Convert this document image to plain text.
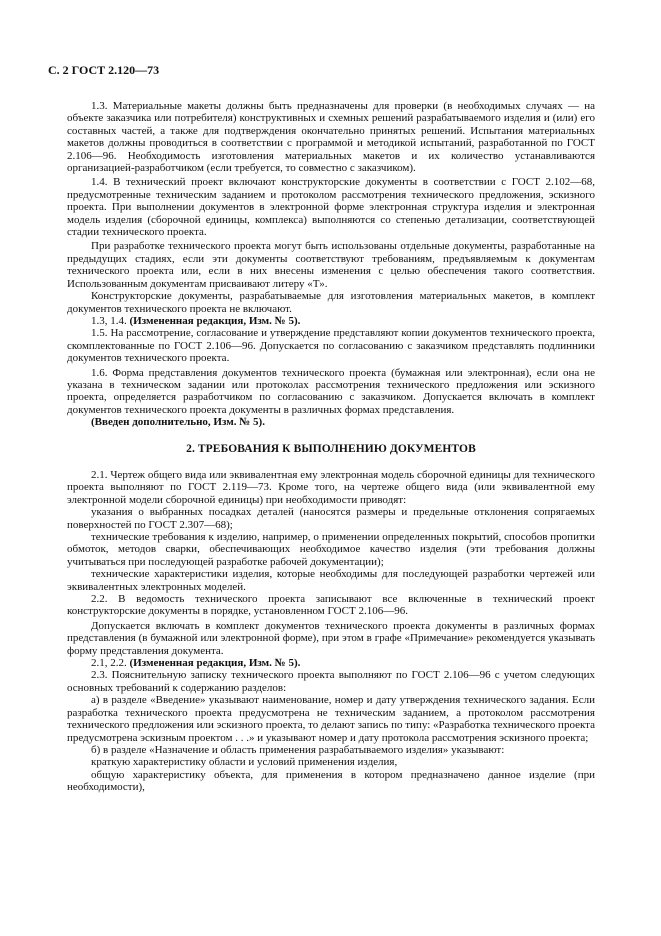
С. 2 ГОСТ 2.120—73

1.3. Материальные макеты должны быть предназначены для проверки (в необходимых случаях — на объекте заказчика или потребителя) конструктивных и схемных решений разрабатываемого изделия и (или) его составных частей, а также для подтверждения окончательно принятых решений. Испытания материальных макетов должны проводиться в соответствии с программой и методикой испытаний, разработанной по ГОСТ 2.106—96. Необходимость изготовления материальных макетов и их количество устанавливаются организацией-разработчиком (если требуется, то совместно с заказчиком).

1.4. В технический проект включают конструкторские документы в соответствии с ГОСТ 2.102—68, предусмотренные техническим заданием и протоколом рассмотрения технического предложения, эскизного проекта. При выполнении документов в электронной форме электронная структура изделия и электронная модель изделия (сборочной единицы, комплекса) выполняются со степенью детализации, соответствующей стадии технического проекта.

При разработке технического проекта могут быть использованы отдельные документы, разработанные на предыдущих стадиях, если эти документы соответствуют требованиям, предъявляемым к документам технического проекта или, если в них внесены изменения с целью обеспечения такого соответствия. Использованным документам присваивают литеру «Т».

Конструкторские документы, разрабатываемые для изготовления материальных макетов, в комплект документов технического проекта не включают.

1.3, 1.4. (Измененная редакция, Изм. № 5).

1.5. На рассмотрение, согласование и утверждение представляют копии документов технического проекта, скомплектованные по ГОСТ 2.106—96. Допускается по согласованию с заказчиком представлять подлинники документов технического проекта.

1.6. Форма представления документов технического проекта (бумажная или электронная), если она не указана в техническом задании или протоколах рассмотрения технического предложения или эскизного проекта, определяется разработчиком по согласованию с заказчиком. Допускается включать в комплект документов технического проекта документы в различных формах представления.

(Введен дополнительно, Изм. № 5).

2. ТРЕБОВАНИЯ К ВЫПОЛНЕНИЮ ДОКУМЕНТОВ

2.1. Чертеж общего вида или эквивалентная ему электронная модель сборочной единицы для технического проекта выполняют по ГОСТ 2.119—73. Кроме того, на чертеже общего вида (или эквивалентной ему электронной модели сборочной единицы) при необходимости приводят:

указания о выбранных посадках деталей (наносятся размеры и предельные отклонения сопрягаемых поверхностей по ГОСТ 2.307—68);

технические требования к изделию, например, о применении определенных покрытий, способов пропитки обмоток, методов сварки, обеспечивающих необходимое качество изделия (эти требования должны учитываться при последующей разработке рабочей документации);

технические характеристики изделия, которые необходимы для последующей разработки чертежей или эквивалентных электронных моделей.

2.2. В ведомость технического проекта записывают все включенные в технический проект конструкторские документы в порядке, установленном ГОСТ 2.106—96.

Допускается включать в комплект документов технического проекта документы в различных формах представления (в бумажной или электронной форме), при этом в графе «Примечание» рекомендуется указывать форму представления документа.

2.1, 2.2. (Измененная редакция, Изм. № 5).

2.3. Пояснительную записку технического проекта выполняют по ГОСТ 2.106—96 с учетом следующих основных требований к содержанию разделов:

а) в разделе «Введение» указывают наименование, номер и дату утверждения технического задания. Если разработка технического проекта предусмотрена не техническим заданием, а протоколом рассмотрения технического предложения или эскизного проекта, то делают запись по типу: «Разработка технического проекта предусмотрена эскизным проектом . . .» и указывают номер и дату протокола рассмотрения эскизного проекта;

б) в разделе «Назначение и область применения разрабатываемого изделия» указывают:

краткую характеристику области и условий применения изделия,

общую характеристику объекта, для применения в котором предназначено данное изделие (при необходимости),
